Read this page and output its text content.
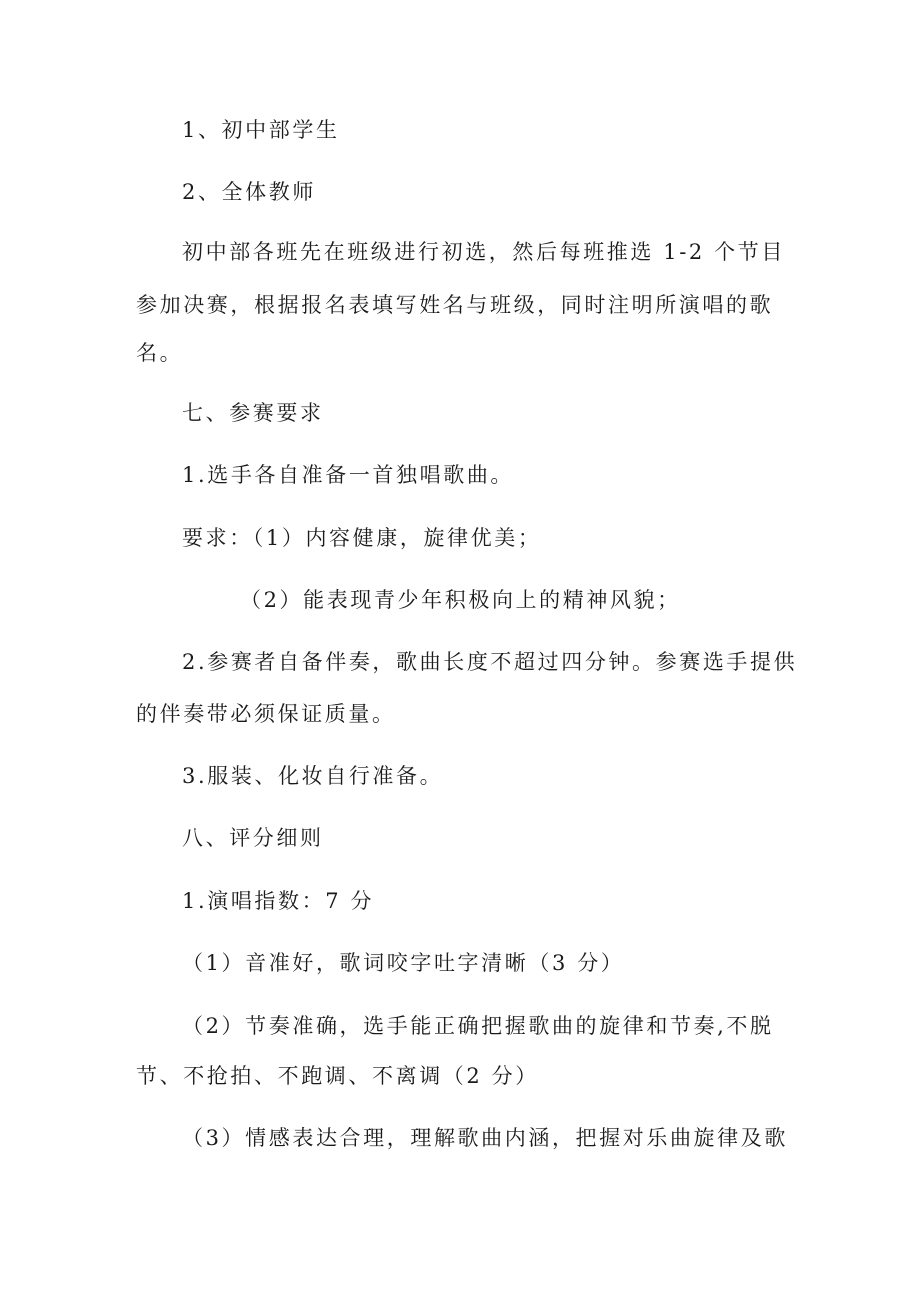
1、初中部学生
2、全体教师
初中部各班先在班级进行初选，然后每班推选 1-2 个节目
参加决赛，根据报名表填写姓名与班级，同时注明所演唱的歌
名。
七、参赛要求
1.选手各自准备一首独唱歌曲。
要求：（1）内容健康，旋律优美；
（2）能表现青少年积极向上的精神风貌；
2.参赛者自备伴奏，歌曲长度不超过四分钟。参赛选手提供
的伴奏带必须保证质量。
3.服装、化妆自行准备。
八、评分细则
1.演唱指数：7 分
（1）音准好，歌词咬字吐字清晰（3 分）
（2）节奏准确，选手能正确把握歌曲的旋律和节奏,不脱
节、不抢拍、不跑调、不离调（2 分）
（3）情感表达合理，理解歌曲内涵，把握对乐曲旋律及歌
